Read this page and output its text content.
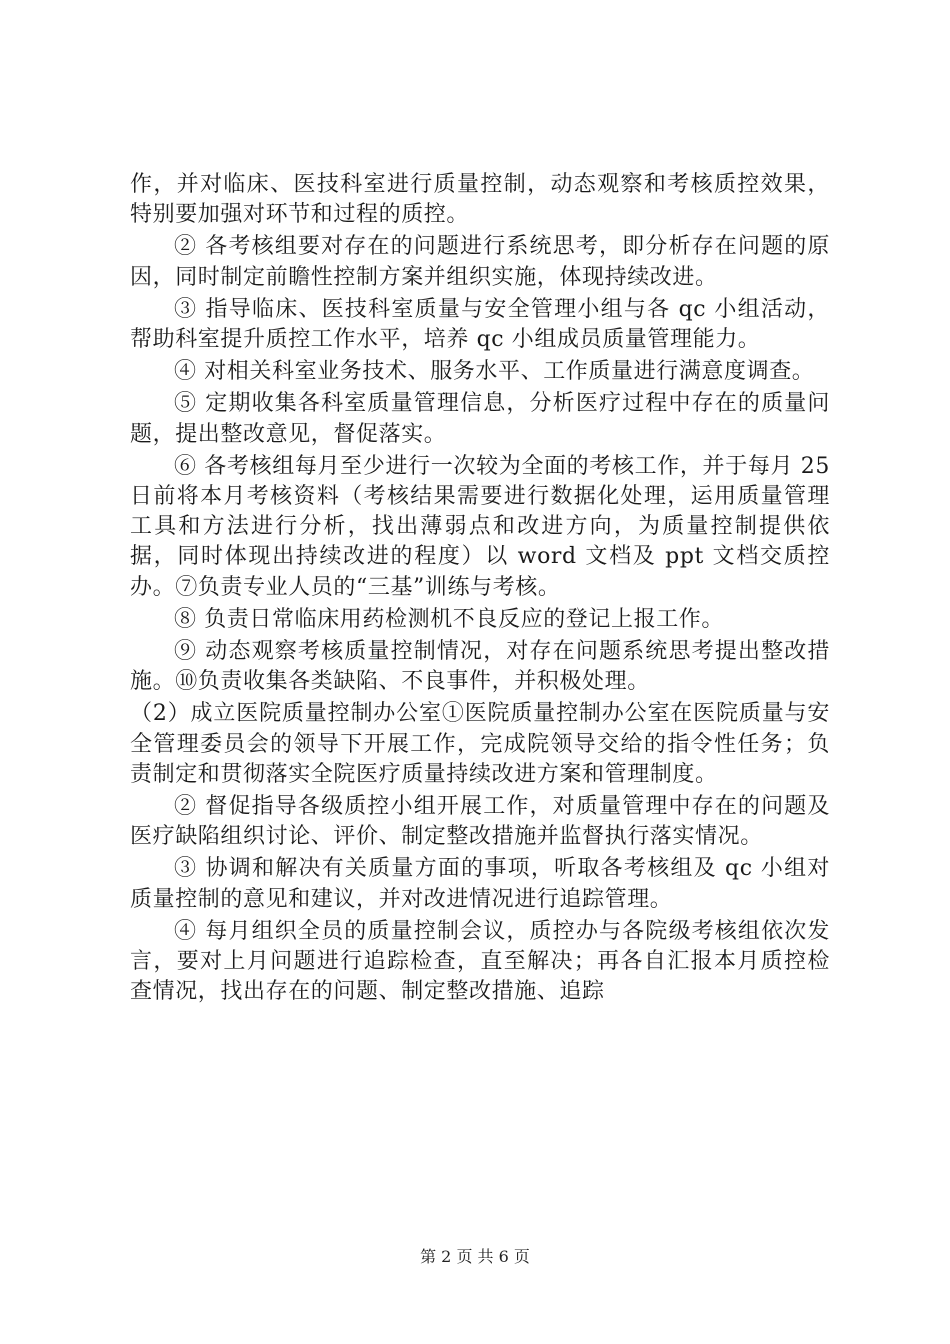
作，并对临床、医技科室进行质量控制，动态观察和考核质控效果，特别要加强对环节和过程的质控。

② 各考核组要对存在的问题进行系统思考，即分析存在问题的原因，同时制定前瞻性控制方案并组织实施，体现持续改进。

③ 指导临床、医技科室质量与安全管理小组与各 qc 小组活动，帮助科室提升质控工作水平，培养 qc 小组成员质量管理能力。

④ 对相关科室业务技术、服务水平、工作质量进行满意度调查。

⑤ 定期收集各科室质量管理信息，分析医疗过程中存在的质量问题，提出整改意见，督促落实。

⑥ 各考核组每月至少进行一次较为全面的考核工作，并于每月 25 日前将本月考核资料（考核结果需要进行数据化处理，运用质量管理工具和方法进行分析，找出薄弱点和改进方向，为质量控制提供依据，同时体现出持续改进的程度）以 word 文档及 ppt 文档交质控办。⑦负责专业人员的“三基”训练与考核。

⑧ 负责日常临床用药检测机不良反应的登记上报工作。

⑨ 动态观察考核质量控制情况，对存在问题系统思考提出整改措施。⑩负责收集各类缺陷、不良事件，并积极处理。

（2）成立医院质量控制办公室①医院质量控制办公室在医院质量与安全管理委员会的领导下开展工作，完成院领导交给的指令性任务；负责制定和贯彻落实全院医疗质量持续改进方案和管理制度。

② 督促指导各级质控小组开展工作，对质量管理中存在的问题及医疗缺陷组织讨论、评价、制定整改措施并监督执行落实情况。

③ 协调和解决有关质量方面的事项，听取各考核组及 qc 小组对质量控制的意见和建议，并对改进情况进行追踪管理。

④ 每月组织全员的质量控制会议，质控办与各院级考核组依次发言，要对上月问题进行追踪检查，直至解决；再各自汇报本月质控检查情况，找出存在的问题、制定整改措施、追踪

第 2 页 共 6 页
